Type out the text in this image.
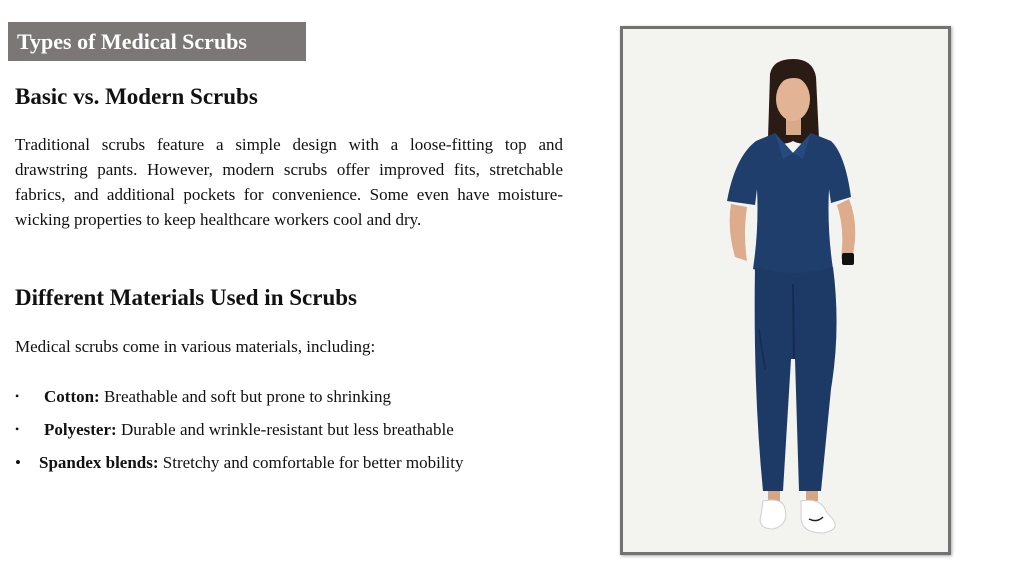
Types of Medical Scrubs
Basic vs. Modern Scrubs

Traditional scrubs feature a simple design with a loose-fitting top and drawstring pants. However, modern scrubs offer improved fits, stretchable fabrics, and additional pockets for convenience. Some even have moisture-wicking properties to keep healthcare workers cool and dry.

Different Materials Used in Scrubs
Medical scrubs come in various materials, including:
• Cotton: Breathable and soft but prone to shrinking
• Polyester: Durable and wrinkle-resistant but less breathable
• Spandex blends: Stretchy and comfortable for better mobility
